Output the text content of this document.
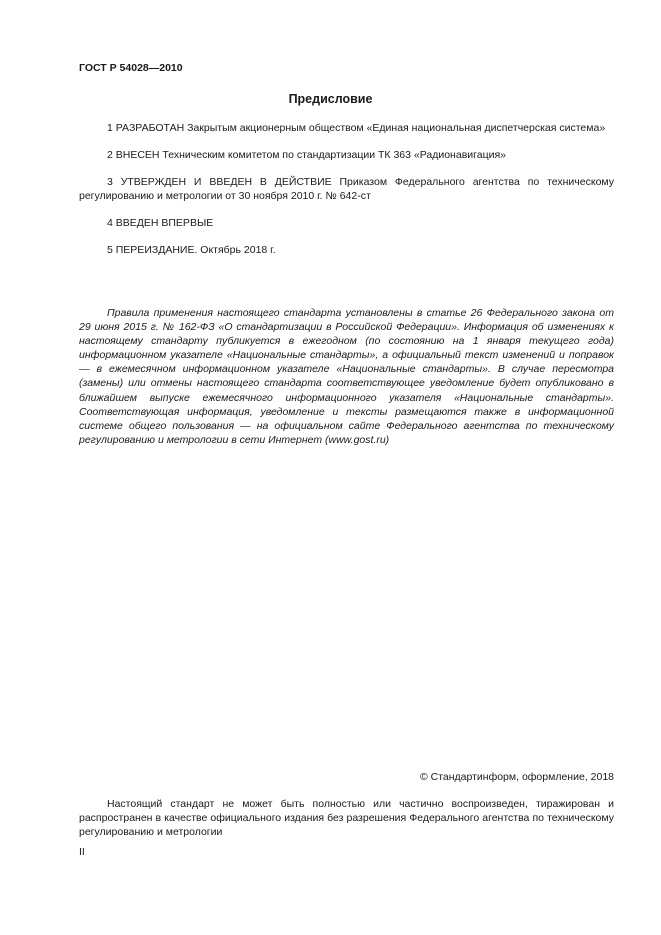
ГОСТ Р 54028—2010
Предисловие

1 РАЗРАБОТАН Закрытым акционерным обществом «Единая национальная диспетчерская система»

2 ВНЕСЕН Техническим комитетом по стандартизации ТК 363 «Радионавигация»

3 УТВЕРЖДЕН И ВВЕДЕН В ДЕЙСТВИЕ Приказом Федерального агентства по техническому регулированию и метрологии от 30 ноября 2010 г. № 642-ст

4 ВВЕДЕН ВПЕРВЫЕ

5 ПЕРЕИЗДАНИЕ. Октябрь 2018 г.

Правила применения настоящего стандарта установлены в статье 26 Федерального закона от 29 июня 2015 г. № 162-ФЗ «О стандартизации в Российской Федерации». Информация об изменениях к настоящему стандарту публикуется в ежегодном (по состоянию на 1 января текущего года) информационном указателе «Национальные стандарты», а официальный текст изменений и поправок — в ежемесячном информационном указателе «Национальные стандарты». В случае пересмотра (замены) или отмены настоящего стандарта соответствующее уведомление будет опубликовано в ближайшем выпуске ежемесячного информационного указателя «Национальные стандарты». Соответствующая информация, уведомление и тексты размещаются также в информационной системе общего пользования — на официальном сайте Федерального агентства по техническому регулированию и метрологии в сети Интернет (www.gost.ru)

© Стандартинформ, оформление, 2018

Настоящий стандарт не может быть полностью или частично воспроизведен, тиражирован и распространен в качестве официального издания без разрешения Федерального агентства по техническому регулированию и метрологии

II
